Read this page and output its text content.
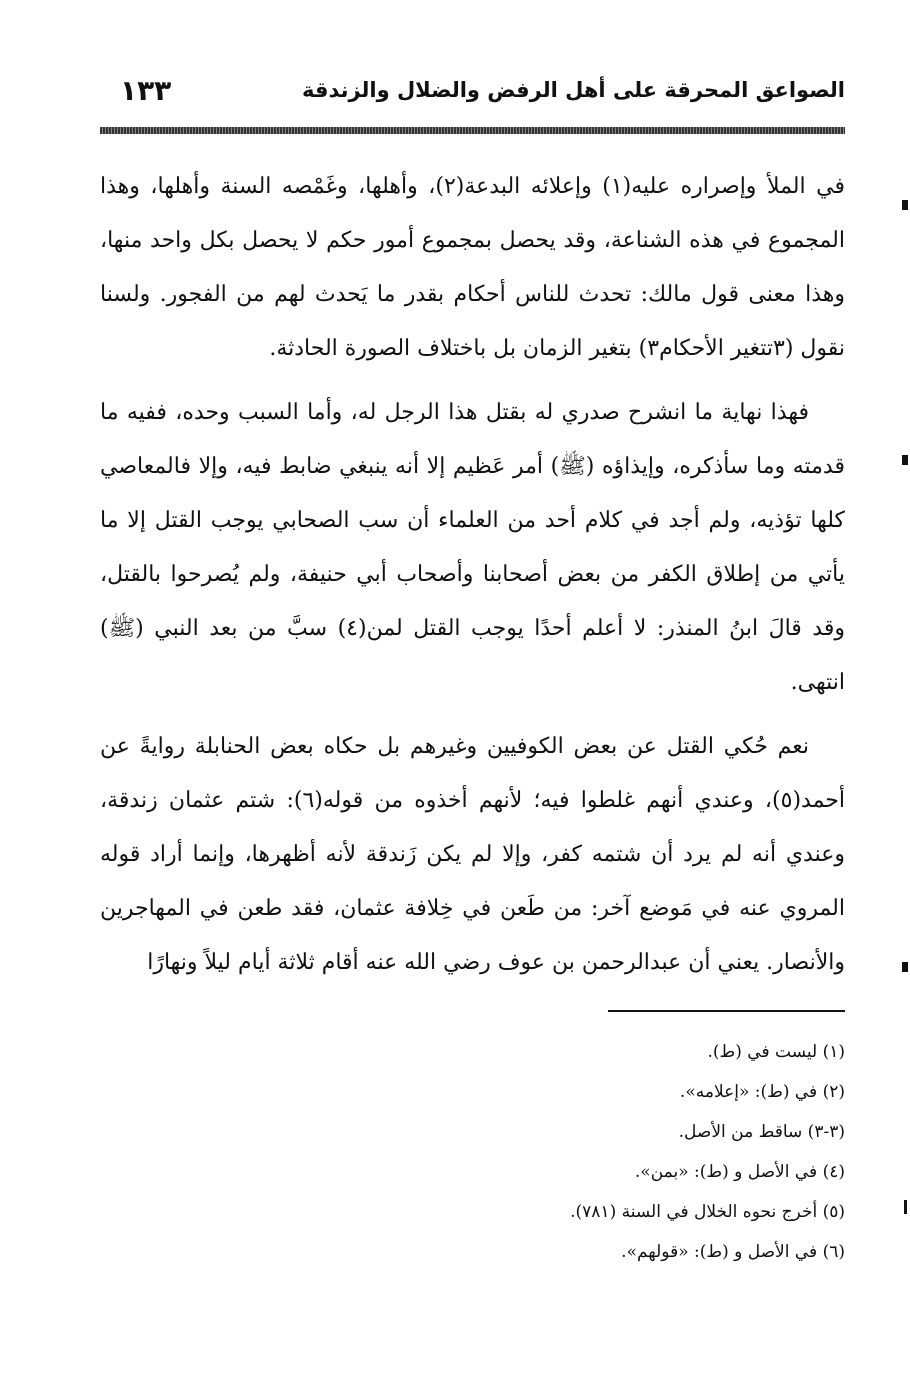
الصواعق المحرقة على أهل الرفض والضلال والزندقة
١٣٣

في الملأ وإصراره عليه(١) وإعلائه البدعة(٢)، وأهلها، وغَمْصه السنة وأهلها، وهذا المجموع في هذه الشناعة، وقد يحصل بمجموع أمور حكم لا يحصل بكل واحد منها، وهذا معنى قول مالك: تحدث للناس أحكام بقدر ما يَحدث لهم من الفجور. ولسنا نقول (٣تتغير الأحكام٣) بتغير الزمان بل باختلاف الصورة الحادثة.

فهذا نهاية ما انشرح صدري له بقتل هذا الرجل له، وأما السبب وحده، ففيه ما قدمته وما سأذكره، وإيذاؤه (ﷺ) أمر عَظيم إلا أنه ينبغي ضابط فيه، وإلا فالمعاصي كلها تؤذيه، ولم أجد في كلام أحد من العلماء أن سب الصحابي يوجب القتل إلا ما يأتي من إطلاق الكفر من بعض أصحابنا وأصحاب أبي حنيفة، ولم يُصرحوا بالقتل، وقد قالَ ابنُ المنذر: لا أعلم أحدًا يوجب القتل لمن(٤) سبَّ من بعد النبي (ﷺ) انتهى.

نعم حُكي القتل عن بعض الكوفيين وغيرهم بل حكاه بعض الحنابلة روايةً عن أحمد(٥)، وعندي أنهم غلطوا فيه؛ لأنهم أخذوه من قوله(٦): شتم عثمان زندقة، وعندي أنه لم يرد أن شتمه كفر، وإلا لم يكن زَندقة لأنه أظهرها، وإنما أراد قوله المروي عنه في مَوضع آخر: من طَعن في خِلافة عثمان، فقد طعن في المهاجرين والأنصار. يعني أن عبدالرحمن بن عوف رضي الله عنه أقام ثلاثة أيام ليلاً ونهارًا

(١) ليست في (ط).
(٢) في (ط): «إعلامه».
(٣-٣) ساقط من الأصل.
(٤) في الأصل و (ط): «بمن».
(٥) أخرج نحوه الخلال في السنة (٧٨١).
(٦) في الأصل و (ط): «قولهم».
